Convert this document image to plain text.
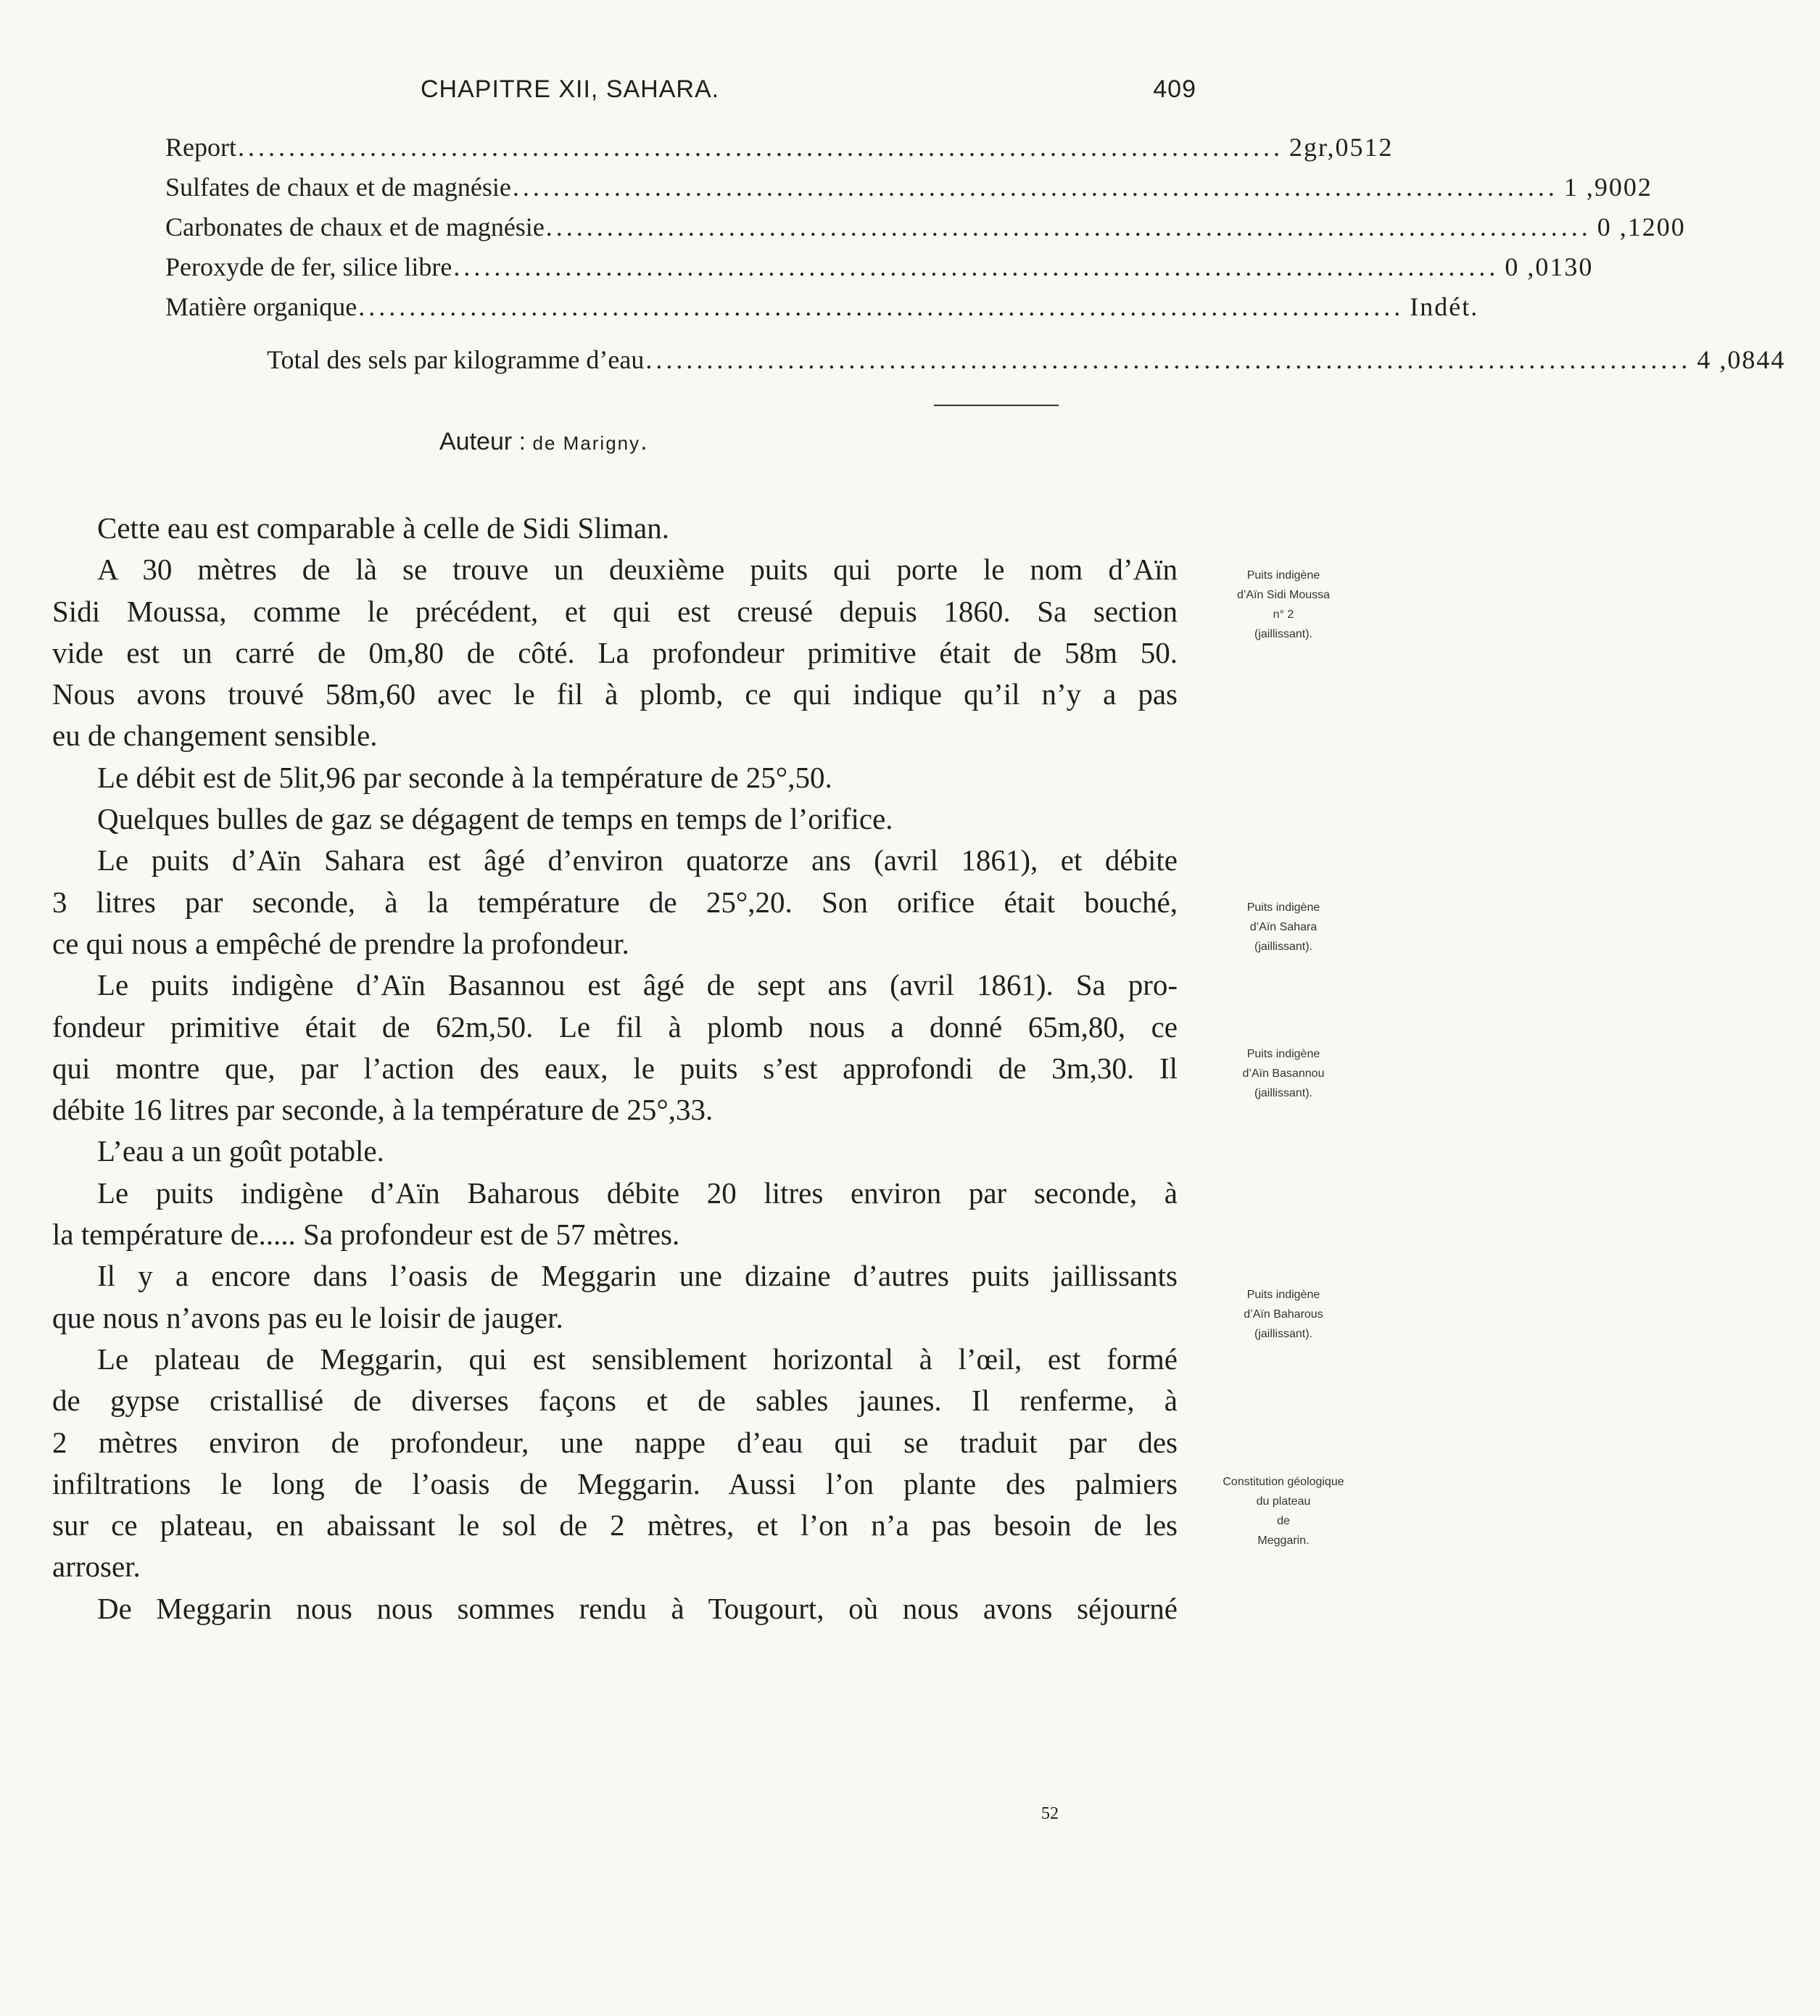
CHAPITRE XII, SAHARA.	409
Report ....................................................................................................... 2gr,0512
Sulfates de chaux et de magnésie ....................................................................................................... 1 ,9002
Carbonates de chaux et de magnésie ....................................................................................................... 0 ,1200
Peroxyde de fer, silice libre ....................................................................................................... 0 ,0130
Matière organique ....................................................................................................... Indét.
Total des sels par kilogramme d’eau ....................................................................................................... 4 ,0844
Auteur : de Marigny.
Cette eau est comparable à celle de Sidi Sliman.
A 30 mètres de là se trouve un deuxième puits qui porte le nom d’Aïn
Sidi Moussa, comme le précédent, et qui est creusé depuis 1860. Sa section
vide est un carré de 0m,80 de côté. La profondeur primitive était de 58m 50.
Nous avons trouvé 58m,60 avec le fil à plomb, ce qui indique qu’il n’y a pas
eu de changement sensible.
Le débit est de 5lit,96 par seconde à la température de 25°,50.
Quelques bulles de gaz se dégagent de temps en temps de l’orifice.
Le puits d’Aïn Sahara est âgé d’environ quatorze ans (avril 1861), et débite
3 litres par seconde, à la température de 25°,20. Son orifice était bouché,
ce qui nous a empêché de prendre la profondeur.
Le puits indigène d’Aïn Basannou est âgé de sept ans (avril 1861). Sa pro-
fondeur primitive était de 62m,50. Le fil à plomb nous a donné 65m,80, ce
qui montre que, par l’action des eaux, le puits s’est approfondi de 3m,30. Il
débite 16 litres par seconde, à la température de 25°,33.
L’eau a un goût potable.
Le puits indigène d’Aïn Baharous débite 20 litres environ par seconde, à
la température de..... Sa profondeur est de 57 mètres.
Il y a encore dans l’oasis de Meggarin une dizaine d’autres puits jaillissants
que nous n’avons pas eu le loisir de jauger.
Le plateau de Meggarin, qui est sensiblement horizontal à l’œil, est formé
de gypse cristallisé de diverses façons et de sables jaunes. Il renferme, à
2 mètres environ de profondeur, une nappe d’eau qui se traduit par des
infiltrations le long de l’oasis de Meggarin. Aussi l’on plante des palmiers
sur ce plateau, en abaissant le sol de 2 mètres, et l’on n’a pas besoin de les
arroser.
De Meggarin nous nous sommes rendu à Tougourt, où nous avons séjourné
Puits indigène
d’Aïn Sidi Moussa
n° 2
(jaillissant).
Puits indigène
d’Aïn Sahara
(jaillissant).
Puits indigène
d’Aïn Basannou
(jaillissant).
Puits indigène
d’Aïn Baharous
(jaillissant).
Constitution géologique
du plateau
de
Meggarin.
52
